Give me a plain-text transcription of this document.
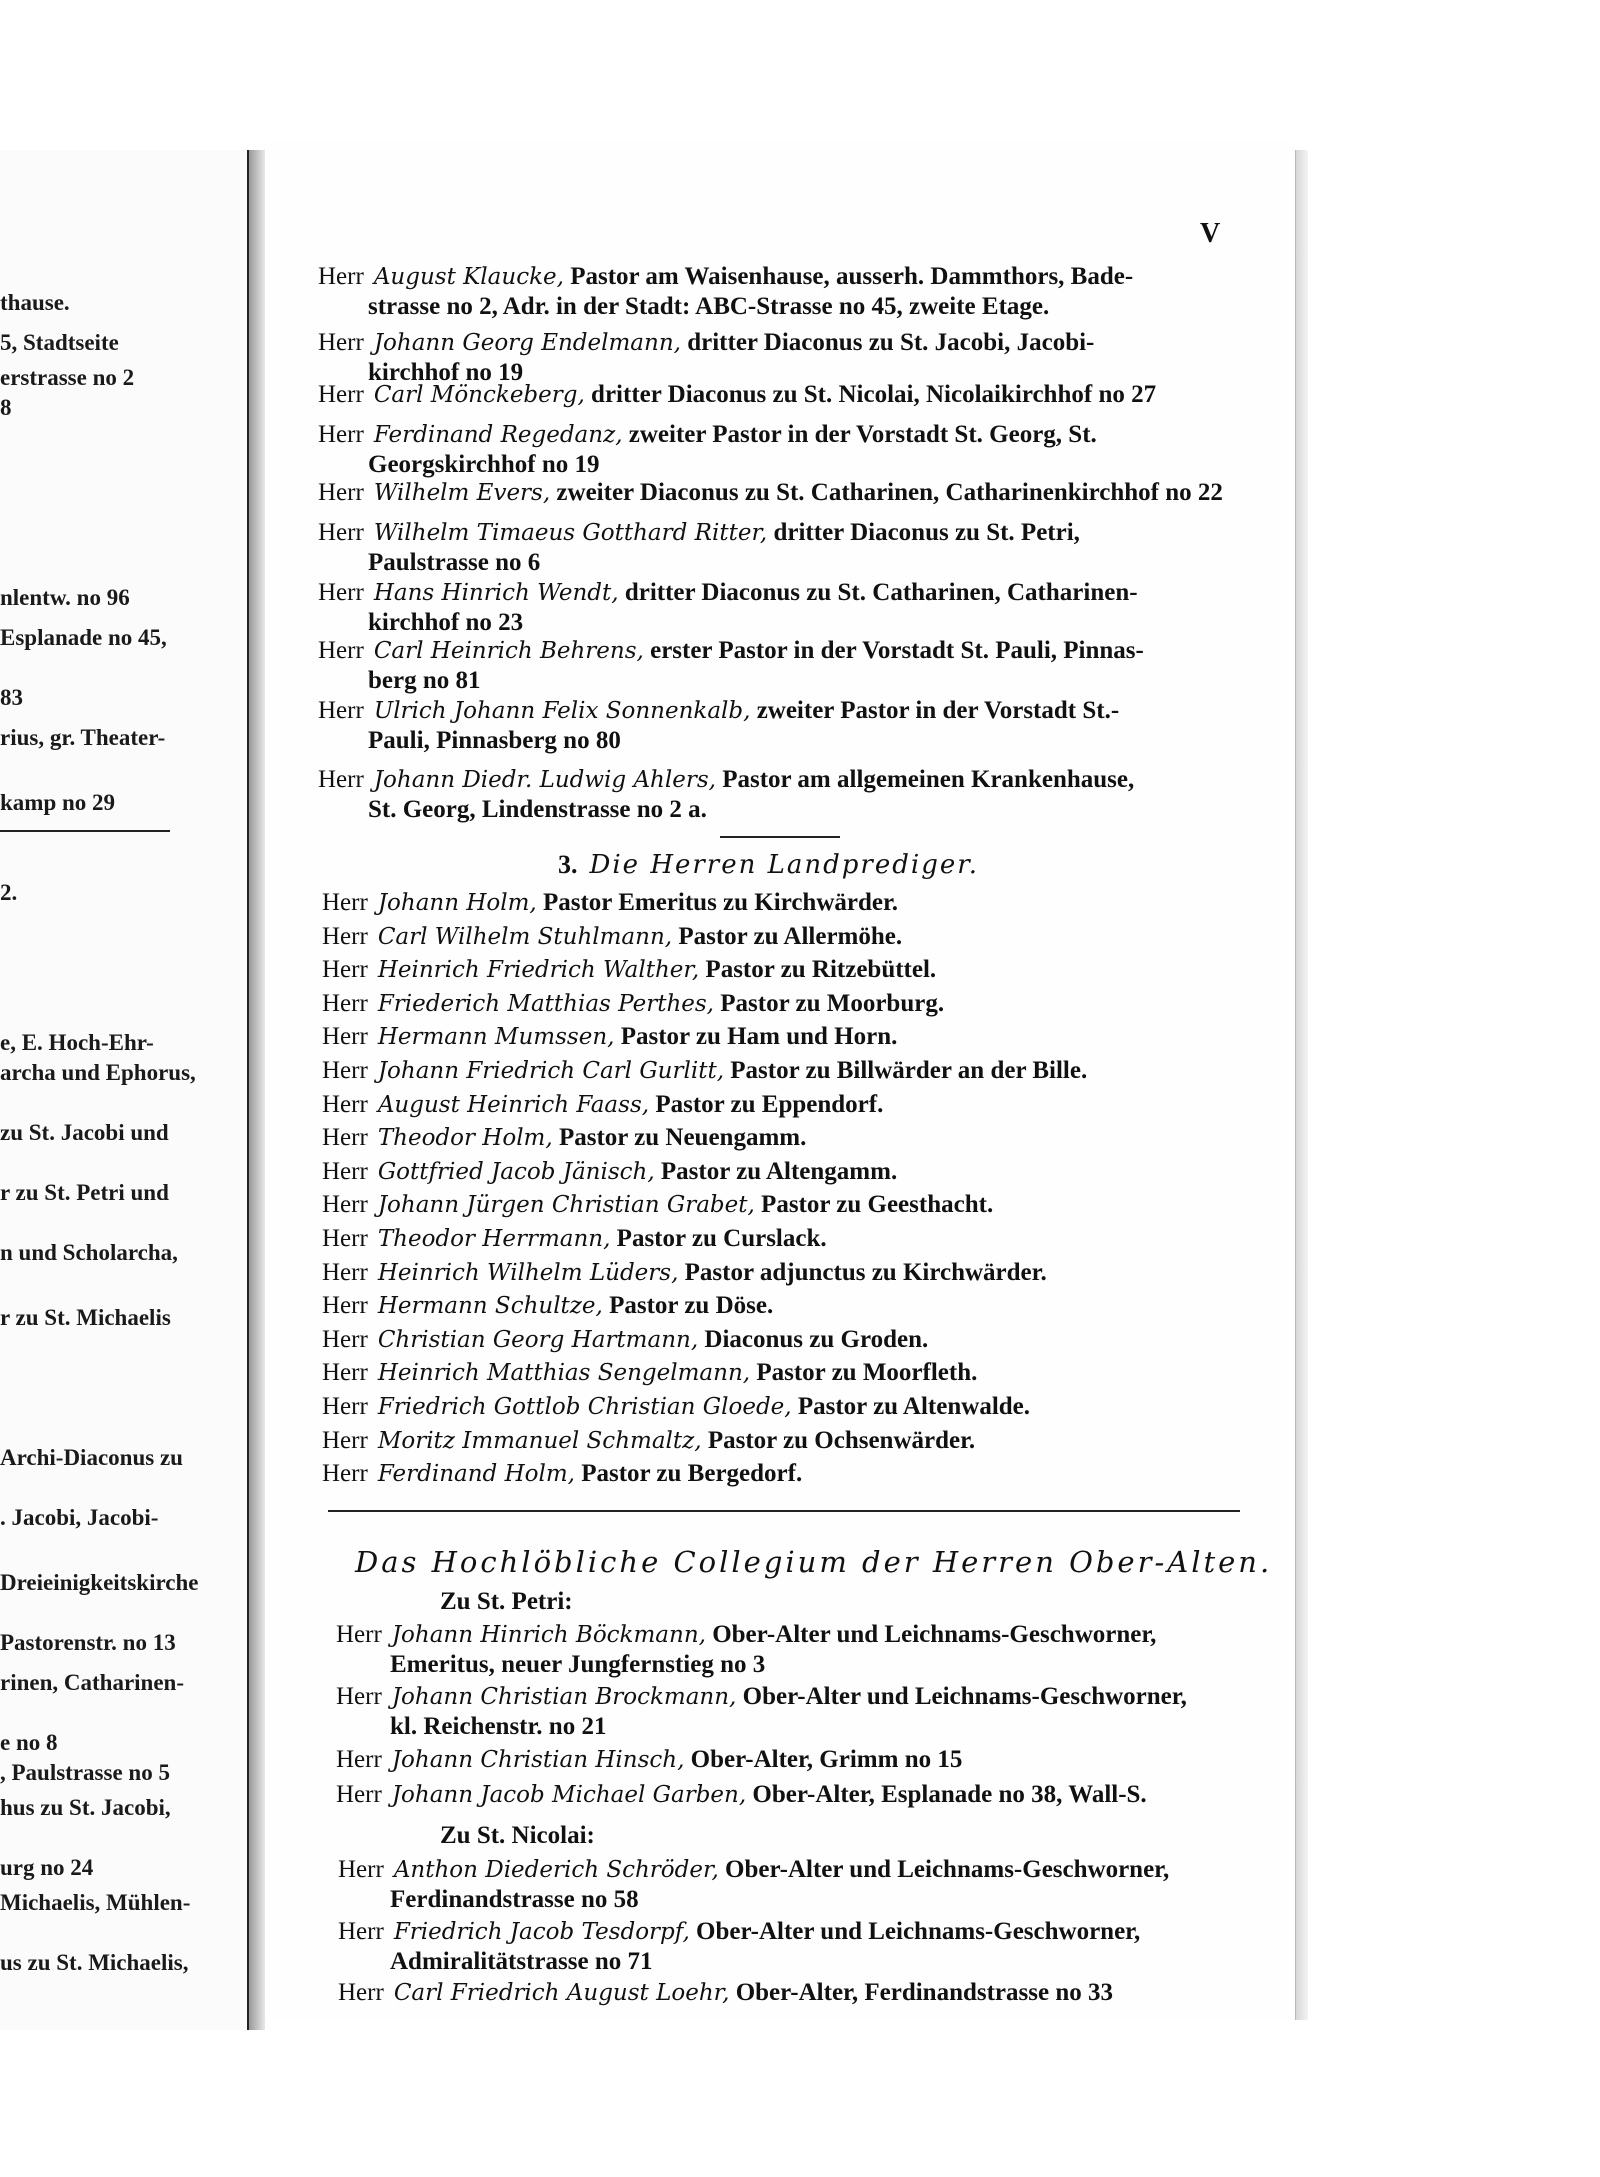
thause.
5, Stadtseite
erstrasse no 2
8
nlentw. no 96
Esplanade no 45,
83
rius, gr. Theater-
kamp no 29
2.
e, E. Hoch-Ehr-
archa und Ephorus,
zu St. Jacobi und
r zu St. Petri und
n und Scholarcha,
r zu St. Michaelis
Archi-Diaconus zu
. Jacobi, Jacobi-
Dreieinigkeitskirche
Pastorenstr. no 13
rinen, Catharinen-
e no 8
, Paulstrasse no 5
hus zu St. Jacobi,
urg no 24
Michaelis, Mühlen-
us zu St. Michaelis,
V
Herr August Klaucke, Pastor am Waisenhause, ausserh. Dammthors, Bade-
strasse no 2, Adr. in der Stadt: ABC-Strasse no 45, zweite Etage.
Herr Johann Georg Endelmann, dritter Diaconus zu St. Jacobi, Jacobi-
kirchhof no 19
Herr Carl Mönckeberg, dritter Diaconus zu St. Nicolai, Nicolaikirchhof no 27
Herr Ferdinand Regedanz, zweiter Pastor in der Vorstadt St. Georg, St.
Georgskirchhof no 19
Herr Wilhelm Evers, zweiter Diaconus zu St. Catharinen, Catharinenkirchhof no 22
Herr Wilhelm Timaeus Gotthard Ritter, dritter Diaconus zu St. Petri,
Paulstrasse no 6
Herr Hans Hinrich Wendt, dritter Diaconus zu St. Catharinen, Catharinen-
kirchhof no 23
Herr Carl Heinrich Behrens, erster Pastor in der Vorstadt St. Pauli, Pinnas-
berg no 81
Herr Ulrich Johann Felix Sonnenkalb, zweiter Pastor in der Vorstadt St.-
Pauli, Pinnasberg no 80
Herr Johann Diedr. Ludwig Ahlers, Pastor am allgemeinen Krankenhause,
St. Georg, Lindenstrasse no 2 a.
3. Die Herren Landprediger.
Herr Johann Holm, Pastor Emeritus zu Kirchwärder.
Herr Carl Wilhelm Stuhlmann, Pastor zu Allermöhe.
Herr Heinrich Friedrich Walther, Pastor zu Ritzebüttel.
Herr Friederich Matthias Perthes, Pastor zu Moorburg.
Herr Hermann Mumssen, Pastor zu Ham und Horn.
Herr Johann Friedrich Carl Gurlitt, Pastor zu Billwärder an der Bille.
Herr August Heinrich Faass, Pastor zu Eppendorf.
Herr Theodor Holm, Pastor zu Neuengamm.
Herr Gottfried Jacob Jänisch, Pastor zu Altengamm.
Herr Johann Jürgen Christian Grabet, Pastor zu Geesthacht.
Herr Theodor Herrmann, Pastor zu Curslack.
Herr Heinrich Wilhelm Lüders, Pastor adjunctus zu Kirchwärder.
Herr Hermann Schultze, Pastor zu Döse.
Herr Christian Georg Hartmann, Diaconus zu Groden.
Herr Heinrich Matthias Sengelmann, Pastor zu Moorfleth.
Herr Friedrich Gottlob Christian Gloede, Pastor zu Altenwalde.
Herr Moritz Immanuel Schmaltz, Pastor zu Ochsenwärder.
Herr Ferdinand Holm, Pastor zu Bergedorf.
Das Hochlöbliche Collegium der Herren Ober-Alten.
Zu St. Petri:
Herr Johann Hinrich Böckmann, Ober-Alter und Leichnams-Geschworner,
Emeritus, neuer Jungfernstieg no 3
Herr Johann Christian Brockmann, Ober-Alter und Leichnams-Geschworner,
kl. Reichenstr. no 21
Herr Johann Christian Hinsch, Ober-Alter, Grimm no 15
Herr Johann Jacob Michael Garben, Ober-Alter, Esplanade no 38, Wall-S.
Zu St. Nicolai:
Herr Anthon Diederich Schröder, Ober-Alter und Leichnams-Geschworner,
Ferdinandstrasse no 58
Herr Friedrich Jacob Tesdorpf, Ober-Alter und Leichnams-Geschworner,
Admiralitätstrasse no 71
Herr Carl Friedrich August Loehr, Ober-Alter, Ferdinandstrasse no 33
